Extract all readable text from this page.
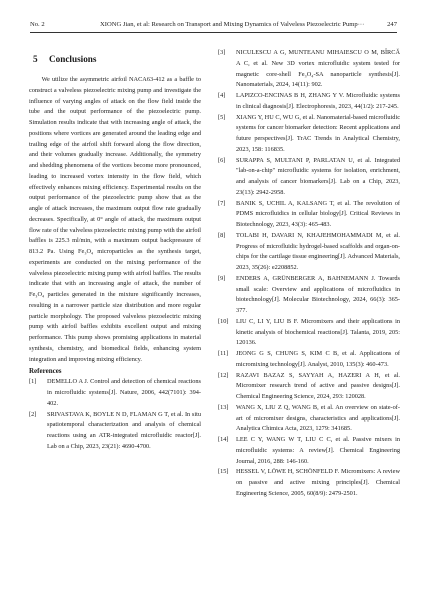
No. 2	XIONG Jian, et al: Research on Transport and Mixing Dynamics of Valveless Piezoelectric Pump···	247
5 Conclusions

We utilize the asymmetric airfoil NACA63-412 as a baffle to construct a valveless piezoelectric mixing pump and investigate the influence of varying angles of attack on the flow field inside the tube and the output performance of the piezoelectric pump. Simulation results indicate that with increasing angle of attack, the positions where vortices are generated around the leading edge and trailing edge of the airfoil shift forward along the flow direction, and their volumes gradually increase. Additionally, the symmetry and shedding phenomena of the vortices become more pronounced, leading to increased vortex intensity in the flow field, which effectively enhances mixing efficiency. Experimental results on the output performance of the piezoelectric pump show that as the angle of attack increases, the maximum output flow rate gradually decreases. Specifically, at 0° angle of attack, the maximum output flow rate of the valveless piezoelectric mixing pump with the airfoil baffles is 225.3 ml/min, with a maximum output backpressure of 813.2 Pa. Using Fe₃O₄ microparticles as the synthesis target, experiments are conducted on the mixing performance of the valveless piezoelectric mixing pump with airfoil baffles. The results indicate that with an increasing angle of attack, the number of Fe₃O₄ particles generated in the mixture significantly increases, resulting in a narrower particle size distribution and more regular particle morphology. The proposed valveless piezoelectric mixing pump with airfoil baffles exhibits excellent output and mixing performance. This pump shows promising applications in material synthesis, chemistry, and biomedical fields, enhancing system integration and improving mixing efficiency.

References
[1]	DEMELLO A J. Control and detection of chemical reactions in microfluidic systems[J]. Nature, 2006, 442(7101): 394-402.
[2]	SRIVASTAVA K, BOYLE N D, FLAMAN G T, et al. In situ spatiotemporal characterization and analysis of chemical reactions using an ATR-integrated microfluidic reactor[J]. Lab on a Chip, 2023, 23(21): 4690-4700.
[3]	NICULESCU A G, MUNTEANU MIHAIESCU O M, BÎRCĂ A C, et al. New 3D vortex microfluidic system tested for magnetic core-shell Fe₃O₄-SA nanoparticle synthesis[J]. Nanomaterials, 2024, 14(11): 902.
[4]	LAPIZCO-ENCINAS B H, ZHANG Y V. Microfluidic systems in clinical diagnosis[J]. Electrophoresis, 2023, 44(1/2): 217-245.
[5]	XIANG Y, HU C, WU G, et al. Nanomaterial-based microfluidic systems for cancer biomarker detection: Recent applications and future perspectives[J]. TrAC Trends in Analytical Chemistry, 2023, 158: 116835.
[6]	SURAPPA S, MULTANI P, PARLATAN U, et al. Integrated "lab-on-a-chip" microfluidic systems for isolation, enrichment, and analysis of cancer biomarkers[J]. Lab on a Chip, 2023, 23(13): 2942-2958.
[7]	BANIK S, UCHIL A, KALSANG T, et al. The revolution of PDMS microfluidics in cellular biology[J]. Critical Reviews in Biotechnology, 2023, 43(3): 465-483.
[8]	TOLABI H, DAVARI N, KHAJEHMOHAMMADI M, et al. Progress of microfluidic hydrogel-based scaffolds and organ-on-chips for the cartilage tissue engineering[J]. Advanced Materials, 2023, 35(26): e2208852.
[9]	ENDERS A, GRÜNBERGER A, BAHNEMANN J. Towards small scale: Overview and applications of microfluidics in biotechnology[J]. Molecular Biotechnology, 2024, 66(3): 365-377.
[10]	LIU C, LI Y, LIU B F. Micromixers and their applications in kinetic analysis of biochemical reactions[J]. Talanta, 2019, 205: 120136.
[11]	JEONG G S, CHUNG S, KIM C B, et al. Applications of micromixing technology[J]. Analyst, 2010, 135(3): 460-473.
[12]	RAZAVI BAZAZ S, SAYYAH A, HAZERI A H, et al. Micromixer research trend of active and passive designs[J]. Chemical Engineering Science, 2024, 293: 120028.
[13]	WANG X, LIU Z Q, WANG B, et al. An overview on state-of-art of micromixer designs, characteristics and applications[J]. Analytica Chimica Acta, 2023, 1279: 341685.
[14]	LEE C Y, WANG W T, LIU C C, et al. Passive mixers in microfluidic systems: A review[J]. Chemical Engineering Journal, 2016, 288: 146-160.
[15]	HESSEL V, LÖWE H, SCHÖNFELD F. Micromixers: A review on passive and active mixing principles[J]. Chemical Engineering Science, 2005, 60(8/9): 2479-2501.
